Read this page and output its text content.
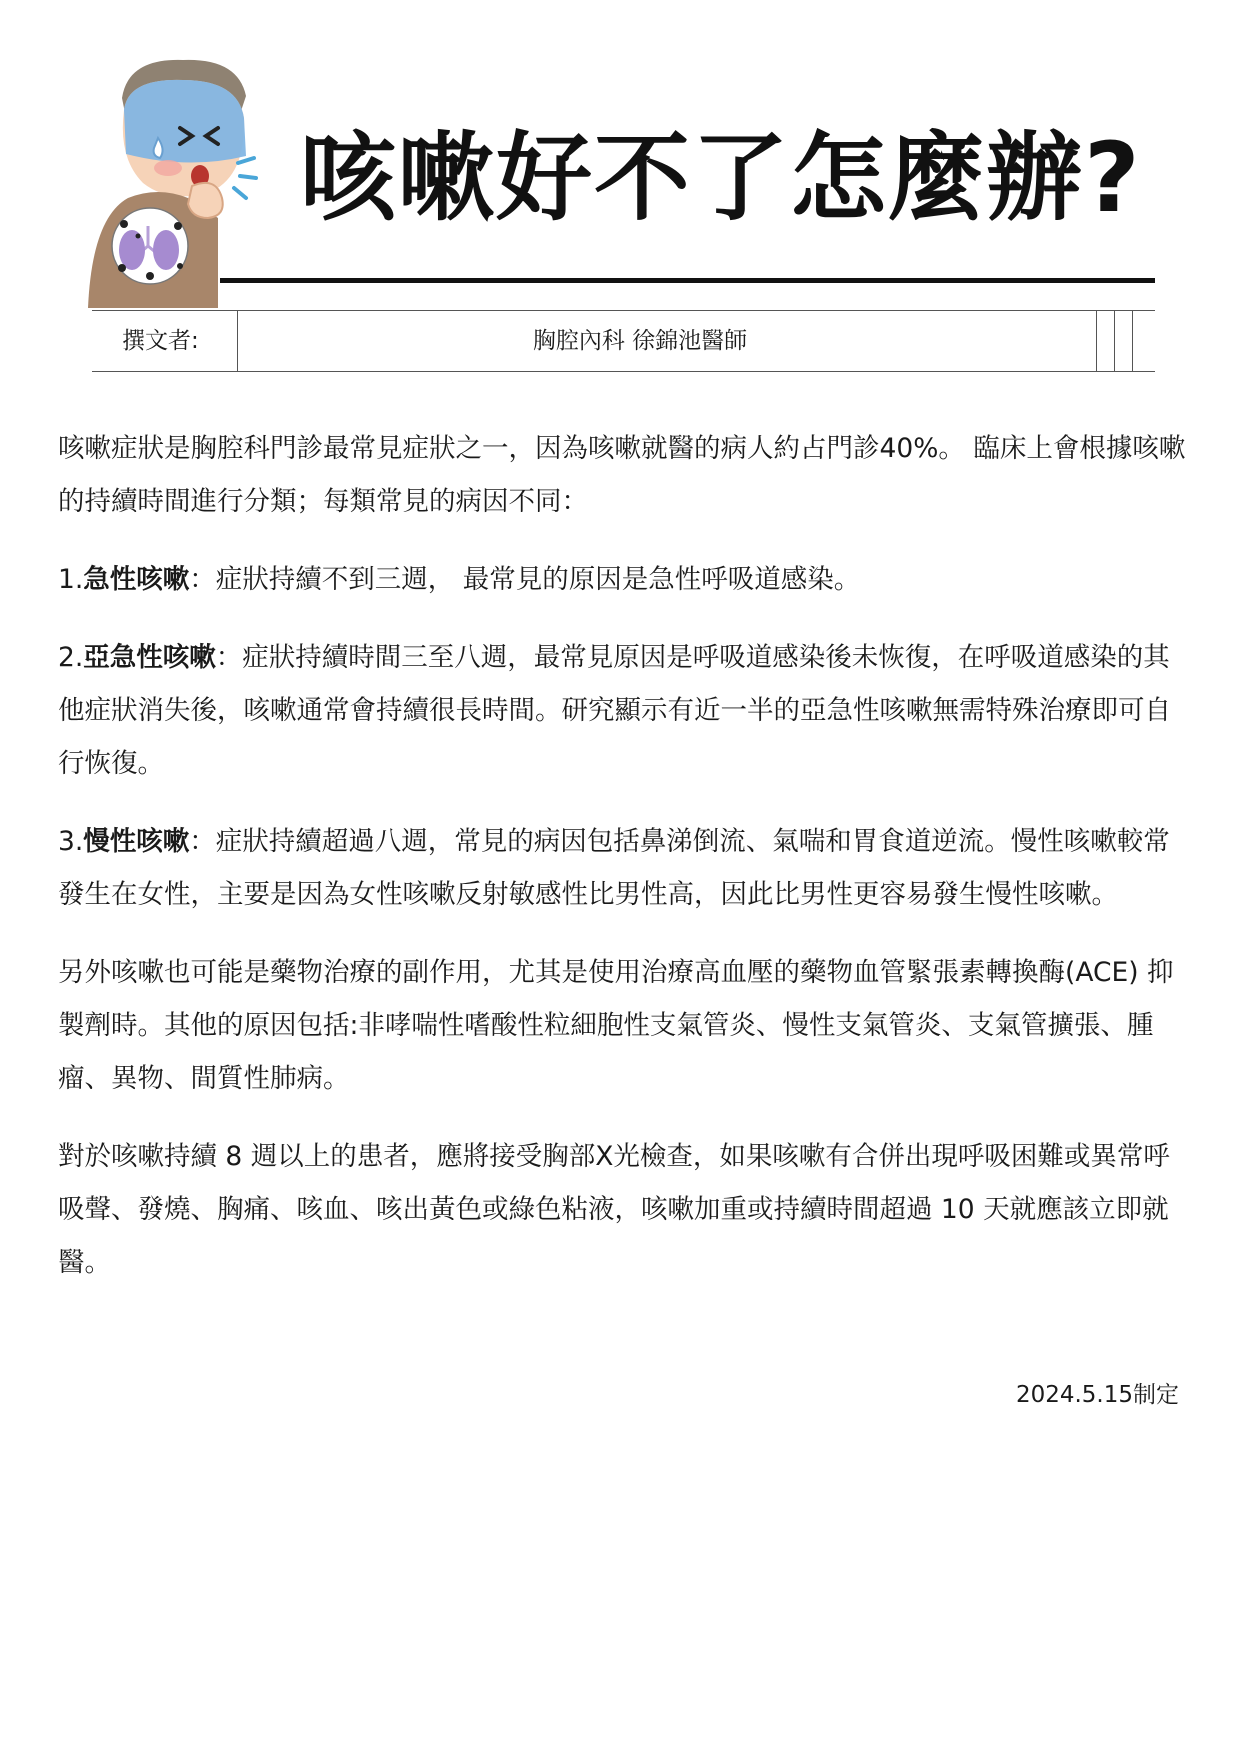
咳嗽好不了怎麼辦?
撰文者:	胸腔內科 徐錦池醫師

咳嗽症狀是胸腔科門診最常見症狀之一，因為咳嗽就醫的病人約占門診40%。 臨床上會根據咳嗽的持續時間進行分類；每類常見的病因不同：

1.急性咳嗽：症狀持續不到三週， 最常見的原因是急性呼吸道感染。

2.亞急性咳嗽：症狀持續時間三至八週，最常見原因是呼吸道感染後未恢復，在呼吸道感染的其他症狀消失後，咳嗽通常會持續很長時間。研究顯示有近一半的亞急性咳嗽無需特殊治療即可自行恢復。

3.慢性咳嗽：症狀持續超過八週，常見的病因包括鼻涕倒流、氣喘和胃食道逆流。慢性咳嗽較常發生在女性，主要是因為女性咳嗽反射敏感性比男性高，因此比男性更容易發生慢性咳嗽。

另外咳嗽也可能是藥物治療的副作用，尤其是使用治療高血壓的藥物血管緊張素轉換酶(ACE) 抑製劑時。其他的原因包括:非哮喘性嗜酸性粒細胞性支氣管炎、慢性支氣管炎、支氣管擴張、腫瘤、異物、間質性肺病。

對於咳嗽持續 8 週以上的患者，應將接受胸部X光檢查，如果咳嗽有合併出現呼吸困難或異常呼吸聲、發燒、胸痛、咳血、咳出黃色或綠色粘液，咳嗽加重或持續時間超過 10 天就應該立即就醫。

2024.5.15制定
